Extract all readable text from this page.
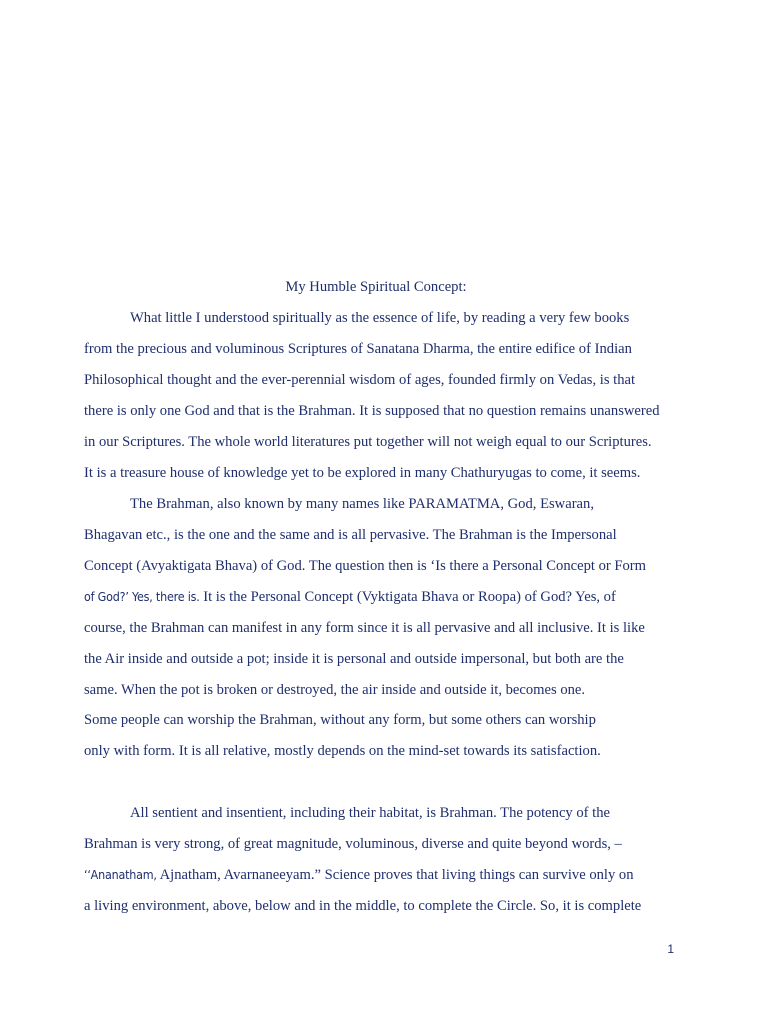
My Humble Spiritual Concept:
What little I understood spiritually as the essence of life, by reading a very few books
from the precious and voluminous Scriptures of Sanatana Dharma, the entire edifice of Indian
Philosophical thought and the ever-perennial wisdom of ages, founded firmly on Vedas, is that
there is only one God and that is the Brahman. It is supposed that no question remains unanswered
in our Scriptures. The whole world literatures put together will not weigh equal to our Scriptures.
It is a treasure house of knowledge yet to be explored in many Chathuryugas to come, it seems.
The Brahman, also known by many names like PARAMATMA, God, Eswaran,
Bhagavan etc., is the one and the same and is all pervasive. The Brahman is the Impersonal
Concept (Avyaktigata Bhava) of God. The question then is ‘Is there a Personal Concept or Form
of God?’ Yes, there is. It is the Personal Concept (Vyktigata Bhava or Roopa) of God? Yes, of
course, the Brahman can manifest in any form since it is all pervasive and all inclusive. It is like
the Air inside and outside a pot; inside it is personal and outside impersonal, but both are the
same. When the pot is broken or destroyed, the air inside and outside it, becomes one.
Some people can worship the Brahman, without any form, but some others can worship
only with form. It is all relative, mostly depends on the mind-set towards its satisfaction.
All sentient and insentient, including their habitat, is Brahman. The potency of the
Brahman is very strong, of great magnitude, voluminous, diverse and quite beyond words, –
‘‘Ananatham, Ajnatham, Avarnaneeyam.” Science proves that living things can survive only on
a living environment, above, below and in the middle, to complete the Circle. So, it is complete
1
